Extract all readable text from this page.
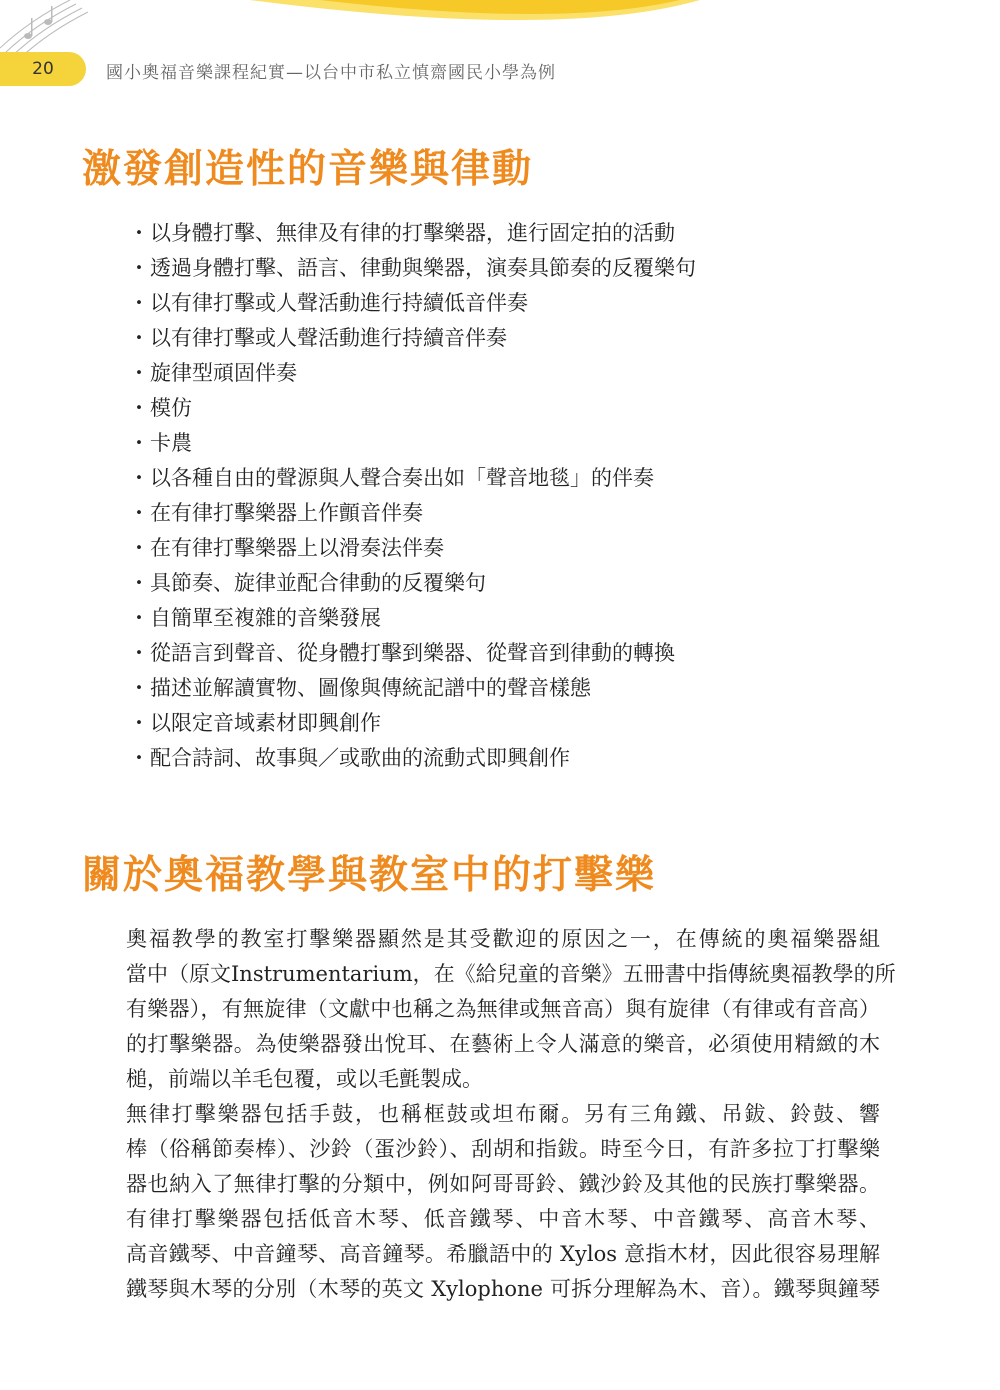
20	國小奧福音樂課程紀實—以台中市私立慎齋國民小學為例
激發創造性的音樂與律動
・以身體打擊、無律及有律的打擊樂器，進行固定拍的活動
・透過身體打擊、語言、律動與樂器，演奏具節奏的反覆樂句
・以有律打擊或人聲活動進行持續低音伴奏
・以有律打擊或人聲活動進行持續音伴奏
・旋律型頑固伴奏
・模仿
・卡農
・以各種自由的聲源與人聲合奏出如「聲音地毯」的伴奏
・在有律打擊樂器上作顫音伴奏
・在有律打擊樂器上以滑奏法伴奏
・具節奏、旋律並配合律動的反覆樂句
・自簡單至複雜的音樂發展
・從語言到聲音、從身體打擊到樂器、從聲音到律動的轉換
・描述並解讀實物、圖像與傳統記譜中的聲音樣態
・以限定音域素材即興創作
・配合詩詞、故事與／或歌曲的流動式即興創作
關於奧福教學與教室中的打擊樂

奧福教學的教室打擊樂器顯然是其受歡迎的原因之一，在傳統的奧福樂器組
當中（原文Instrumentarium，在《給兒童的音樂》五冊書中指傳統奧福教學的所
有樂器），有無旋律（文獻中也稱之為無律或無音高）與有旋律（有律或有音高）
的打擊樂器。為使樂器發出悅耳、在藝術上令人滿意的樂音，必須使用精緻的木
槌，前端以羊毛包覆，或以毛氈製成。

無律打擊樂器包括手鼓，也稱框鼓或坦布爾。另有三角鐵、吊鈸、鈴鼓、響
棒（俗稱節奏棒）、沙鈴（蛋沙鈴）、刮胡和指鈸。時至今日，有許多拉丁打擊樂
器也納入了無律打擊的分類中，例如阿哥哥鈴、鐵沙鈴及其他的民族打擊樂器。

有律打擊樂器包括低音木琴、低音鐵琴、中音木琴、中音鐵琴、高音木琴、
高音鐵琴、中音鐘琴、高音鐘琴。希臘語中的 Xylos 意指木材，因此很容易理解
鐵琴與木琴的分別（木琴的英文 Xylophone 可拆分理解為木、音）。鐵琴與鐘琴
